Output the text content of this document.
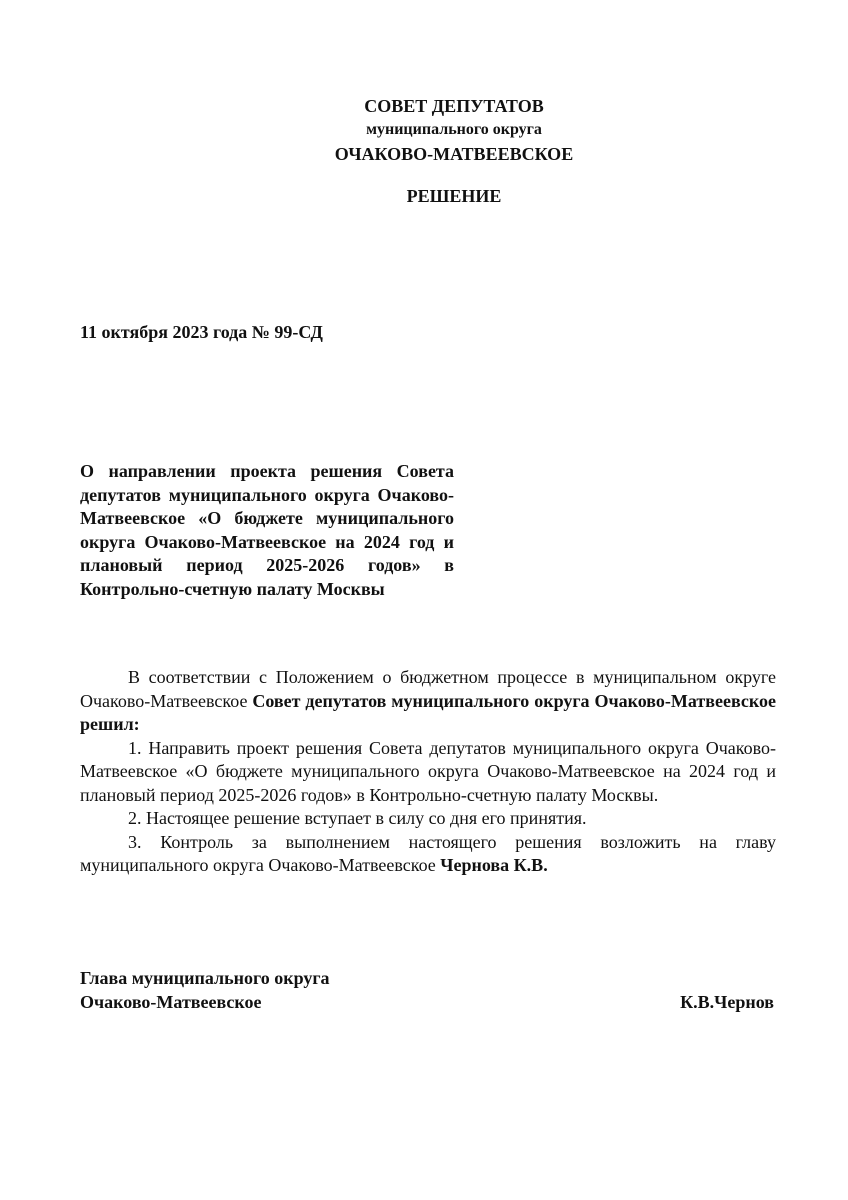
СОВЕТ ДЕПУТАТОВ
муниципального округа
ОЧАКОВО-МАТВЕЕВСКОЕ
РЕШЕНИЕ
11 октября 2023 года № 99-СД
О направлении проекта решения Совета депутатов муниципального округа Очаково-Матвеевское «О бюджете муниципального округа Очаково-Матвеевское на 2024 год и плановый период 2025-2026 годов» в Контрольно-счетную палату Москвы

В соответствии с Положением о бюджетном процессе в муниципальном округе Очаково-Матвеевское Совет депутатов муниципального округа Очаково-Матвеевское решил:

1. Направить проект решения Совета депутатов муниципального округа Очаково-Матвеевское «О бюджете муниципального округа Очаково-Матвеевское на 2024 год и плановый период 2025-2026 годов» в Контрольно-счетную палату Москвы.

2. Настоящее решение вступает в силу со дня его принятия.

3. Контроль за выполнением настоящего решения возложить на главу муниципального округа Очаково-Матвеевское Чернова К.В.

Глава муниципального округа
Очаково-Матвеевское	К.В.Чернов
